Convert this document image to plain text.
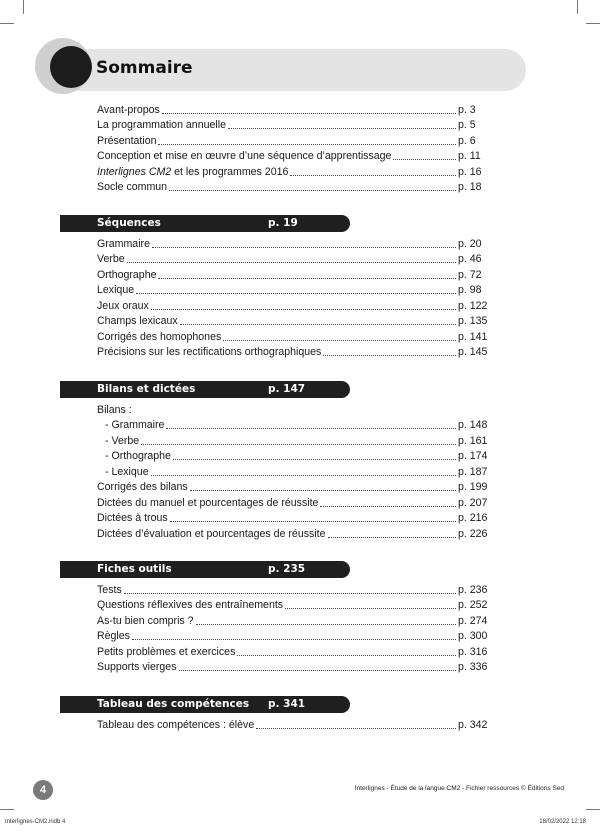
Sommaire
Avant-propos	p. 3
La programmation annuelle	p. 5
Présentation	p. 6
Conception et mise en œuvre d’une séquence d’apprentissage	p. 11
Interlignes CM2 et les programmes 2016	p. 16
Socle commun	p. 18
Séquences	p. 19
Grammaire	p. 20
Verbe	p. 46
Orthographe	p. 72
Lexique	p. 98
Jeux oraux	p. 122
Champs lexicaux	p. 135
Corrigés des homophones	p. 141
Précisions sur les rectifications orthographiques	p. 145
Bilans et dictées	p. 147
Bilans :
- Grammaire	p. 148
- Verbe	p. 161
- Orthographe	p. 174
- Lexique	p. 187
Corrigés des bilans	p. 199
Dictées du manuel et pourcentages de réussite	p. 207
Dictées à trous	p. 216
Dictées d’évaluation et pourcentages de réussite	p. 226
Fiches outils	p. 235
Tests	p. 236
Questions réflexives des entraînements	p. 252
As-tu bien compris ?	p. 274
Règles	p. 300
Petits problèmes et exercices	p. 316
Supports vierges	p. 336
Tableau des compétences p. 341
Tableau des compétences : élève	p. 342
4	Interlignes - Étude de la langue CM2 - Fichier ressources © Éditions Sed
Interlignes-CM2.indb 4	18/02/2022 12:18
